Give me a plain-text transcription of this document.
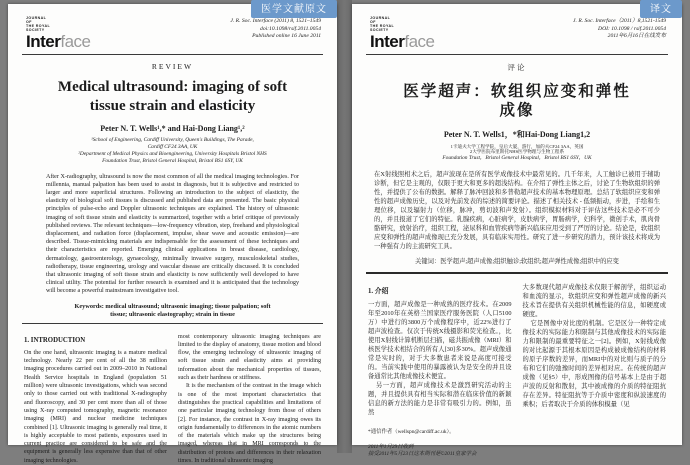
医学文献原文
JOURNAL
OF
THE ROYAL
SOCIETY
Interface
J. R. Soc. Interface (2011) 8, 1521–1549
doi:10.1098/rsif.2011.0054
Published online 16 June 2011
REVIEW
Medical ultrasound: imaging of soft tissue strain and elasticity
Peter N. T. Wells¹,* and Hai-Dong Liang¹,²
¹School of Engineering, Cardiff University, Queen's Buildings, The Parade,
Cardiff CF24 3AA, UK
²Department of Medical Physics and Bioengineering, University Hospitals Bristol NHS
Foundation Trust, Bristol General Hospital, Bristol BS1 6SY, UK

After X-radiography, ultrasound is now the most common of all the medical imaging technologies. For millennia, manual palpation has been used to assist in diagnosis, but it is subjective and restricted to larger and more superficial structures. Following an introduction to the subject of elasticity, the elasticity of biological soft tissues is discussed and published data are presented. The basic physical principles of pulse-echo and Doppler ultrasonic techniques are explained. The history of ultrasonic imaging of soft tissue strain and elasticity is summarized, together with a brief critique of previously published reviews. The relevant techniques—low-frequency vibration, step, freehand and physiological displacement, and radiation force (displacement, impulse, shear wave and acoustic emission)—are described. Tissue-mimicking materials are indispensable for the assessment of these techniques and their characteristics are reported. Emerging clinical applications in breast disease, cardiology, dermatology, gastroenterology, gynaecology, minimally invasive surgery, musculoskeletal studies, radiotherapy, tissue engineering, urology and vascular disease are critically discussed. It is concluded that ultrasonic imaging of soft tissue strain and elasticity is now sufficiently well developed to have clinical utility. The potential for further research is examined and it is anticipated that the technology will become a powerful mainstream investigative tool.

Keywords: medical ultrasound; ultrasonic imaging; tissue palpation; soft tissue; ultrasonic elastography; strain in tissue
1. INTRODUCTION

On the one hand, ultrasonic imaging is a mature medical technology. Nearly 22 per cent of all the 38 million imaging procedures carried out in 2009–2010 in National Health Service hospitals in England (population 51 million) were ultrasonic investigations, which was second only to those carried out with traditional X-radiography and fluoroscopy, and 30 per cent more than all of those using X-ray computed tomography, magnetic resonance imaging (MRI) and nuclear medicine techniques combined [1]. Ultrasonic imaging is generally real time, it is highly acceptable to most patients, exposures used in current practice are considered to be safe and the equipment is generally less expensive than that of other imaging technologies.

most contemporary ultrasonic imaging techniques are limited to the display of anatomy, tissue motion and blood flow, the emerging technology of ultrasonic imaging of soft tissue strain and elasticity aims at providing information about the mechanical properties of tissues, such as their hardness or stiffness.

It is the mechanism of the contrast in the image which is one of the most important characteristics that distinguishes the practical capabilities and limitations of one particular imaging technology from those of others [2]. For instance, the contrast in X-ray imaging owes its origin fundamentally to differences in the atomic numbers of the materials which make up the structures being imaged, whereas that in MRI corresponds to the distribution of protons and differences in their relaxation times. In traditional ultrasonic imaging

译文
JOURNAL
OF
THE ROYAL
SOCIETY
Interface
J. R. Soc. Interface（2011）8,1521-1549
DOI: 10.1098 / rsif.2011.0054
2011年6月16日在线发布
评论
医学超声：软组织应变和弹性成像
Peter N. T. Wells1，*和Hai-Dong Liang1,2
1卡迪夫大学工程学院，皇后大厦，游行，加的夫CF24 3AA，英国
2大学医院布里斯托NHS医学物理与生物工程系
Foundation Trust，Bristol General Hospital，Bristol BS1 6SY，UK

在X射线照相术之后，超声波现在是所有医学成像技术中最常见的。几千年来，人工触诊已被用于辅助诊断，但它是主观的，仅限于更大和更多的超浅结构。在介绍了弹性主体之后，讨论了生物软组织的弹性，并提供了公布的数据。解释了脉冲回波和多普勒超声技术的基本物理原理。总结了软组织应变和弹性的超声成像历史，以及对先前发表的综述的简要评论。描述了相关技术 - 低频振动，步进，手绘和生理位移，以及辐射力（位移，脉冲，剪切波和声发射）。组织模拟材料对于评估这些技术是必不可少的，并且报道了它们的特征。乳腺疾病，心脏病学，皮肤病学，胃肠病学，妇科学，微创手术，肌肉骨骼研究，放射治疗，组织工程，泌尿科和血管疾病等新兴临床应用受到了严厉的讨论。结论是，软组织应变和弹性的超声成像现已充分发展，具有临床实用性。研究了进一步研究的潜力，预计该技术将成为一种强有力的主流研究工具。

关键词：医学超声;超声成像;组织触诊;软组织;超声弹性成像;组织中的应变
1. 介绍

一方面，超声成像是一种成熟的医疗技术。在2009年至2010年在英格兰国家医疗服务医院（人口5100万）中进行的3800万个成像程序中，近22%进行了超声波检查。仅次于传统X线摄影和荧光检查。，比使用X射线计算机断层扫描，磁共振成像（MRI）和核医学技术相结合的所有人[30]多30%。超声成像通常是实时的，对于大多数患者来说是高度可接受的。当前实践中使用的暴露被认为是安全的并且设备通常比其他成像技术便宜。

另一方面，超声成像技术是激烈研究活动的主题，并且提供具有相当实际和潜在临床价值的新颖信息的新方法的能力是非常有吸引力的。例如，虽然

*通信作者（wellspn@cardiff.ac.uk）。
2011年1月29日收到
接受2011年5月23日这本期刊是©2011皇家学会

大多数现代超声成像技术仅限于解剖学，组织运动和血流的显示，软组织应变和弹性超声成像的新兴技术旨在提供有关组织机械性能的信息，如硬度或硬度。

它是图像中对比度的机制。它是区分一种特定成像技术的实际能力和限制与其他成像技术的实际能力和限制的最重要特征之一[2]。例如，X射线成像的对比起源于其根本原因是构成被成像结构的材料的原子序数的差异，而MRI中的对比则与质子的分布和它们的弛豫时间的差异相对应。在传统的超声成像（见§5）中，形成图像的信号基本上是由于超声波的反射和散射，其中被成像的介质的特征阻抗存在差异。特征阻抗等于介质中密度和纵波速度的乘积；后者取决于介质的体积模量（见
